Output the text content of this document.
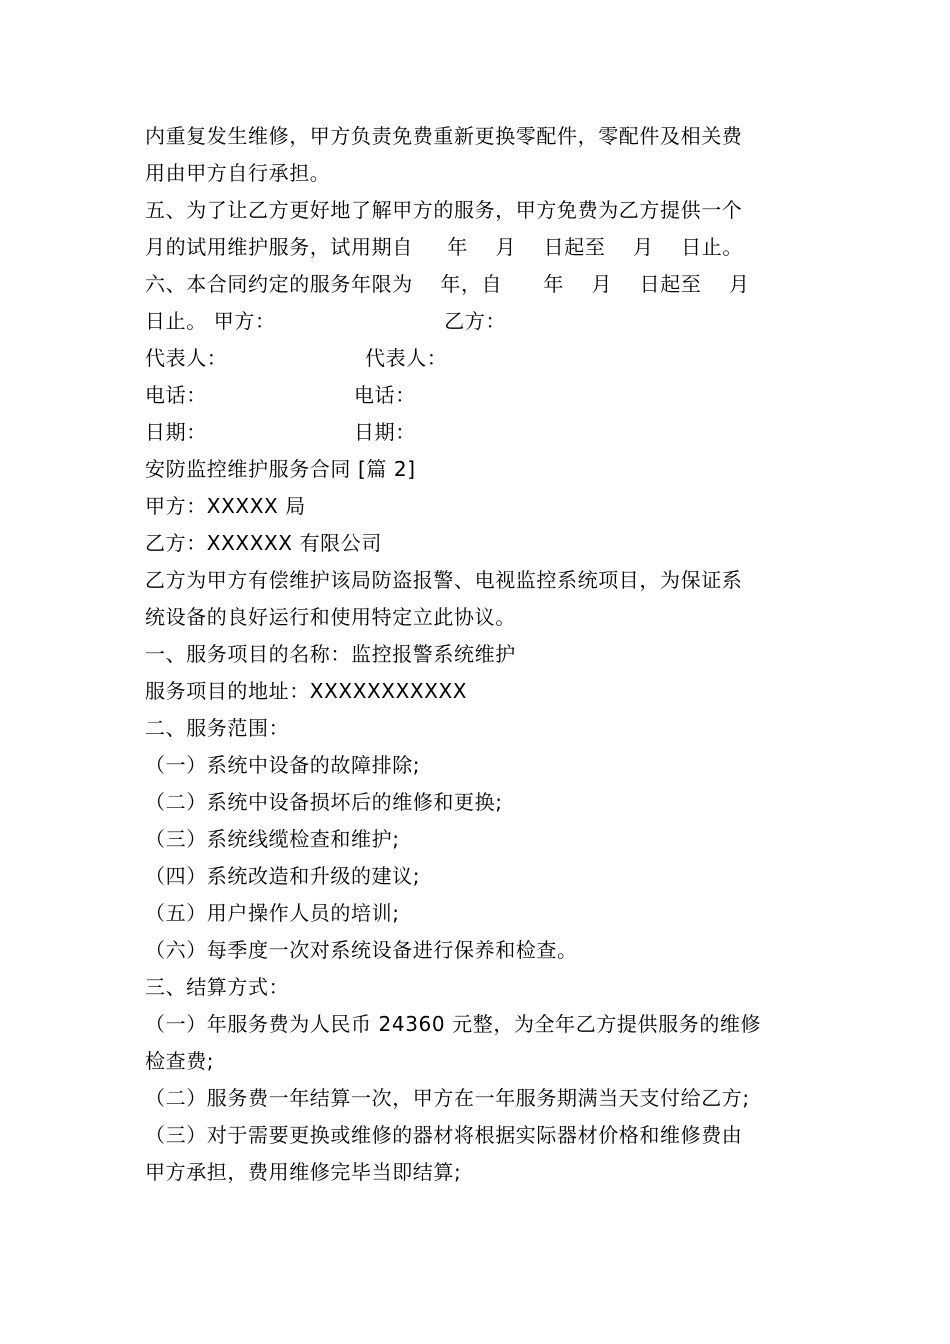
内重复发生维修，甲方负责免费重新更换零配件，零配件及相关费
用由甲方自行承担。
五、为了让乙方更好地了解甲方的服务，甲方免费为乙方提供一个
月的试用维护服务，试用期自　  年　 月　 日起至　 月　 日止。
六、本合同约定的服务年限为　 年，自　　年　 月　 日起至　 月
日止。 甲方：　　　　　　　　  乙方：
代表人：	代表人：
电话：	电话：
日期：	日期：
安防监控维护服务合同 [篇 2]
甲方：XXXXX 局
乙方：XXXXXX 有限公司
乙方为甲方有偿维护该局防盗报警、电视监控系统项目，为保证系
统设备的良好运行和使用特定立此协议。
一、服务项目的名称：监控报警系统维护
服务项目的地址：XXXXXXXXXXX
二、服务范围：
（一）系统中设备的故障排除;
（二）系统中设备损坏后的维修和更换;
（三）系统线缆检查和维护;
（四）系统改造和升级的建议;
（五）用户操作人员的培训;
（六）每季度一次对系统设备进行保养和检查。
三、结算方式：
（一）年服务费为人民币 24360 元整，为全年乙方提供服务的维修
检查费;
（二）服务费一年结算一次，甲方在一年服务期满当天支付给乙方;
（三）对于需要更换或维修的器材将根据实际器材价格和维修费由
甲方承担，费用维修完毕当即结算;
